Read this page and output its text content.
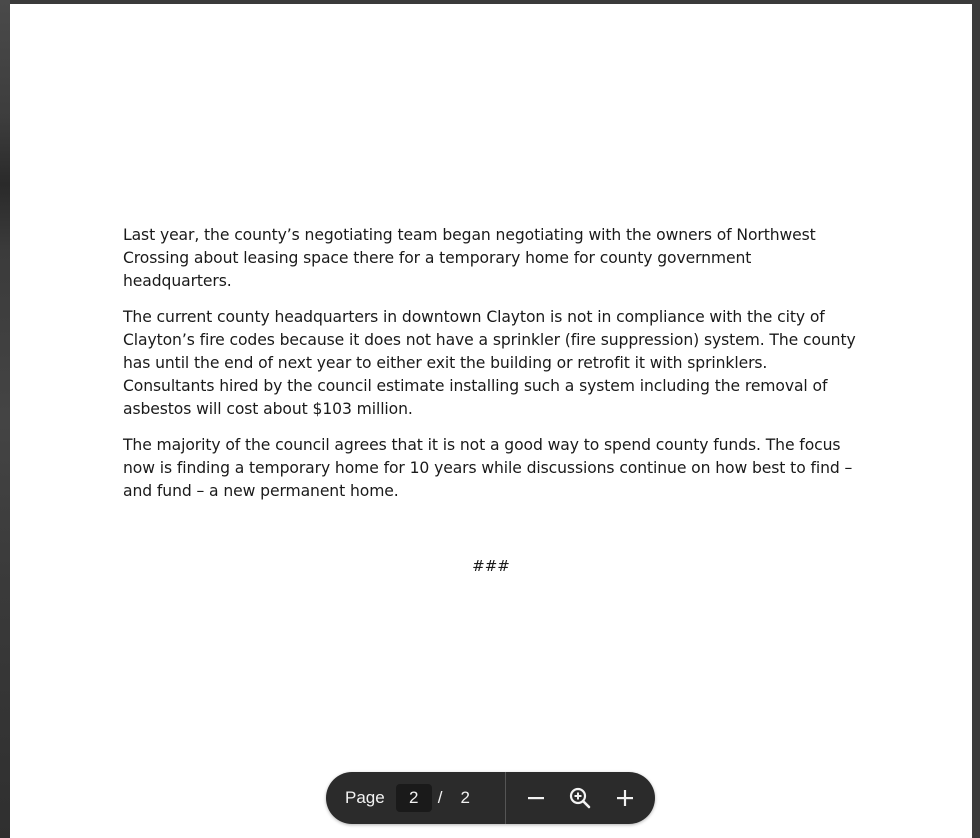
Last year, the county’s negotiating team began negotiating with the owners of Northwest Crossing about leasing space there for a temporary home for county government headquarters.

The current county headquarters in downtown Clayton is not in compliance with the city of Clayton’s fire codes because it does not have a sprinkler (fire suppression) system. The county has until the end of next year to either exit the building or retrofit it with sprinklers. Consultants hired by the council estimate installing such a system including the removal of asbestos will cost about $103 million.

The majority of the council agrees that it is not a good way to spend county funds. The focus now is finding a temporary home for 10 years while discussions continue on how best to find – and fund – a new permanent home.

###
Page
2	/ 2
